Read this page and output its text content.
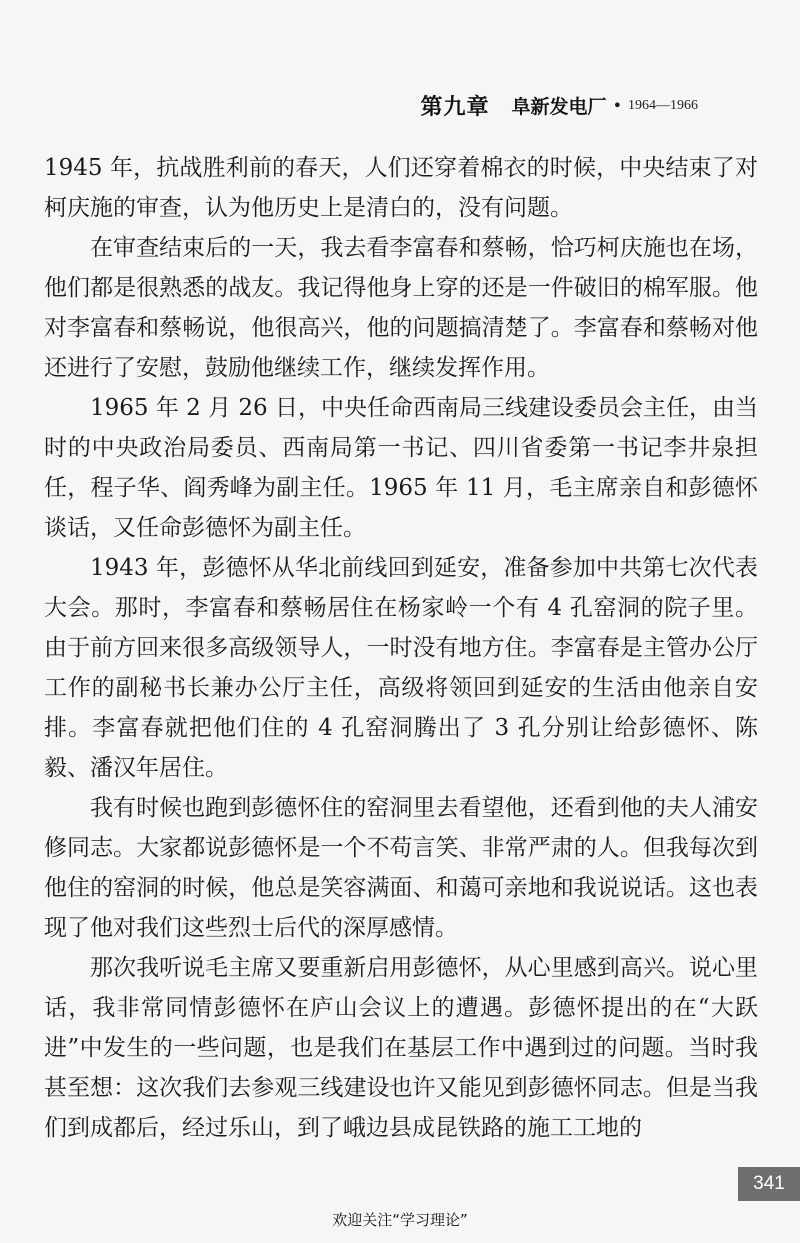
第九章 阜新发电厂 • 1964—1966

1945 年，抗战胜利前的春天，人们还穿着棉衣的时候，中央结束了对柯庆施的审查，认为他历史上是清白的，没有问题。

在审查结束后的一天，我去看李富春和蔡畅，恰巧柯庆施也在场，他们都是很熟悉的战友。我记得他身上穿的还是一件破旧的棉军服。他对李富春和蔡畅说，他很高兴，他的问题搞清楚了。李富春和蔡畅对他还进行了安慰，鼓励他继续工作，继续发挥作用。

1965 年 2 月 26 日，中央任命西南局三线建设委员会主任，由当时的中央政治局委员、西南局第一书记、四川省委第一书记李井泉担任，程子华、阎秀峰为副主任。1965 年 11 月，毛主席亲自和彭德怀谈话，又任命彭德怀为副主任。

1943 年，彭德怀从华北前线回到延安，准备参加中共第七次代表大会。那时，李富春和蔡畅居住在杨家岭一个有 4 孔窑洞的院子里。由于前方回来很多高级领导人，一时没有地方住。李富春是主管办公厅工作的副秘书长兼办公厅主任，高级将领回到延安的生活由他亲自安排。李富春就把他们住的 4 孔窑洞腾出了 3 孔分别让给彭德怀、陈毅、潘汉年居住。

我有时候也跑到彭德怀住的窑洞里去看望他，还看到他的夫人浦安修同志。大家都说彭德怀是一个不苟言笑、非常严肃的人。但我每次到他住的窑洞的时候，他总是笑容满面、和蔼可亲地和我说说话。这也表现了他对我们这些烈士后代的深厚感情。

那次我听说毛主席又要重新启用彭德怀，从心里感到高兴。说心里话，我非常同情彭德怀在庐山会议上的遭遇。彭德怀提出的在“大跃进”中发生的一些问题，也是我们在基层工作中遇到过的问题。当时我甚至想：这次我们去参观三线建设也许又能见到彭德怀同志。但是当我们到成都后，经过乐山，到了峨边县成昆铁路的施工工地的

341
欢迎关注“学习理论”
